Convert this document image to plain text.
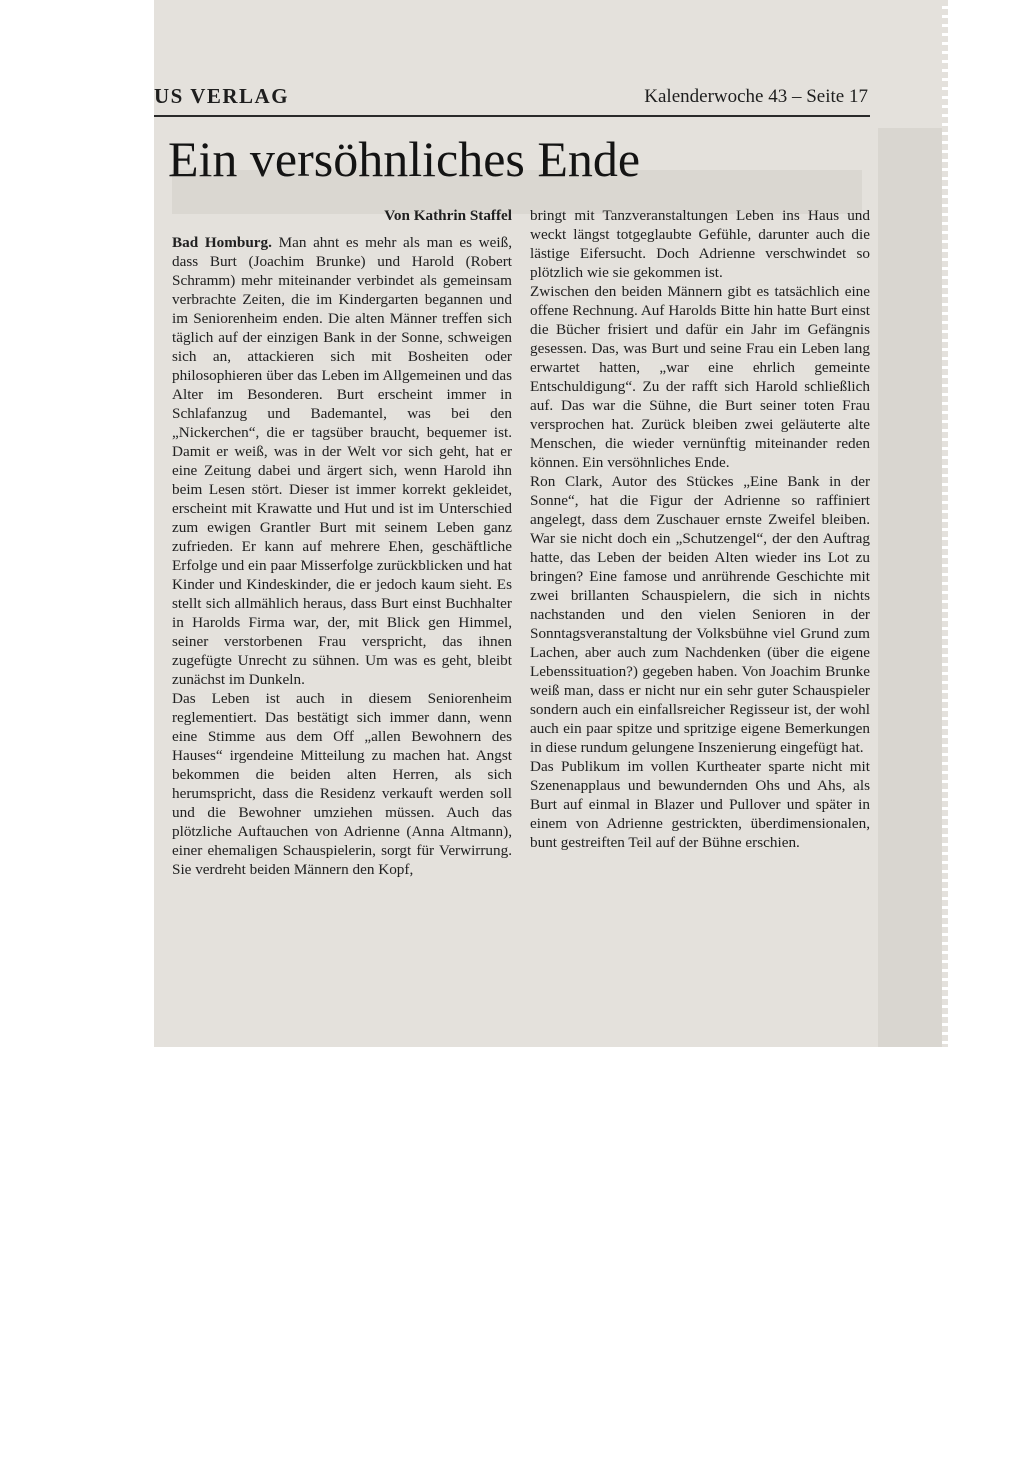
US VERLAG	Kalenderwoche 43 – Seite 17
Ein versöhnliches Ende

Von Kathrin Staffel

Bad Homburg. Man ahnt es mehr als man es weiß, dass Burt (Joachim Brunke) und Harold (Robert Schramm) mehr miteinander verbindet als gemeinsam verbrachte Zeiten, die im Kindergarten begannen und im Seniorenheim enden. Die alten Männer treffen sich täglich auf der einzigen Bank in der Sonne, schweigen sich an, attackieren sich mit Bosheiten oder philosophieren über das Leben im Allgemeinen und das Alter im Besonderen. Burt erscheint immer in Schlafanzug und Bademantel, was bei den „Nickerchen“, die er tagsüber braucht, bequemer ist. Damit er weiß, was in der Welt vor sich geht, hat er eine Zeitung dabei und ärgert sich, wenn Harold ihn beim Lesen stört. Dieser ist immer korrekt gekleidet, erscheint mit Krawatte und Hut und ist im Unterschied zum ewigen Grantler Burt mit seinem Leben ganz zufrieden. Er kann auf mehrere Ehen, geschäftliche Erfolge und ein paar Misserfolge zurückblicken und hat Kinder und Kindeskinder, die er jedoch kaum sieht. Es stellt sich allmählich heraus, dass Burt einst Buchhalter in Harolds Firma war, der, mit Blick gen Himmel, seiner verstorbenen Frau verspricht, das ihnen zugefügte Unrecht zu sühnen. Um was es geht, bleibt zunächst im Dunkeln.

Das Leben ist auch in diesem Seniorenheim reglementiert. Das bestätigt sich immer dann, wenn eine Stimme aus dem Off „allen Bewohnern des Hauses“ irgendeine Mitteilung zu machen hat. Angst bekommen die beiden alten Herren, als sich herumspricht, dass die Residenz verkauft werden soll und die Bewohner umziehen müssen. Auch das plötzliche Auftauchen von Adrienne (Anna Altmann), einer ehemaligen Schauspielerin, sorgt für Verwirrung. Sie verdreht beiden Männern den Kopf,

bringt mit Tanzveranstaltungen Leben ins Haus und weckt längst totgeglaubte Gefühle, darunter auch die lästige Eifersucht. Doch Adrienne verschwindet so plötzlich wie sie gekommen ist.

Zwischen den beiden Männern gibt es tatsächlich eine offene Rechnung. Auf Harolds Bitte hin hatte Burt einst die Bücher frisiert und dafür ein Jahr im Gefängnis gesessen. Das, was Burt und seine Frau ein Leben lang erwartet hatten, „war eine ehrlich gemeinte Entschuldigung“. Zu der rafft sich Harold schließlich auf. Das war die Sühne, die Burt seiner toten Frau versprochen hat. Zurück bleiben zwei geläuterte alte Menschen, die wieder vernünftig miteinander reden können. Ein versöhnliches Ende.

Ron Clark, Autor des Stückes „Eine Bank in der Sonne“, hat die Figur der Adrienne so raffiniert angelegt, dass dem Zuschauer ernste Zweifel bleiben. War sie nicht doch ein „Schutzengel“, der den Auftrag hatte, das Leben der beiden Alten wieder ins Lot zu bringen? Eine famose und anrührende Geschichte mit zwei brillanten Schauspielern, die sich in nichts nachstanden und den vielen Senioren in der Sonntagsveranstaltung der Volksbühne viel Grund zum Lachen, aber auch zum Nachdenken (über die eigene Lebenssituation?) gegeben haben. Von Joachim Brunke weiß man, dass er nicht nur ein sehr guter Schauspieler sondern auch ein einfallsreicher Regisseur ist, der wohl auch ein paar spitze und spritzige eigene Bemerkungen in diese rundum gelungene Inszenierung eingefügt hat.

Das Publikum im vollen Kurtheater sparte nicht mit Szenenapplaus und bewundernden Ohs und Ahs, als Burt auf einmal in Blazer und Pullover und später in einem von Adrienne gestrickten, überdimensionalen, bunt gestreiften Teil auf der Bühne erschien.
